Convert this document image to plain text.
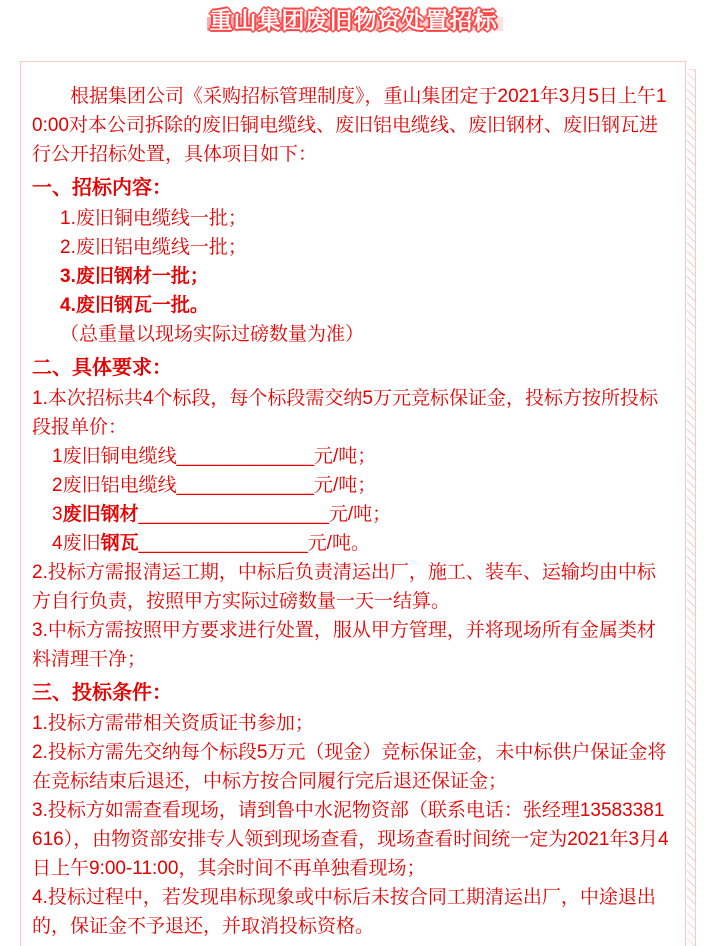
重山集团废旧物资处置招标
根据集团公司《采购招标管理制度》，重山集团定于2021年3月5日上午10:00对本公司拆除的废旧铜电缆线、废旧铝电缆线、废旧钢材、废旧钢瓦进行公开招标处置，具体项目如下：
一、招标内容：
1.废旧铜电缆线一批；
2.废旧铝电缆线一批；
3.废旧钢材一批；
4.废旧钢瓦一批。
（总重量以现场实际过磅数量为准）
二、具体要求：
1.本次招标共4个标段，每个标段需交纳5万元竞标保证金，投标方按所投标段报单价：
1废旧铜电缆线_____________元/吨；
2废旧铝电缆线_____________元/吨；
3废旧钢材__________________元/吨；
4废旧钢瓦________________元/吨。
2.投标方需报清运工期，中标后负责清运出厂，施工、装车、运输均由中标方自行负责，按照甲方实际过磅数量一天一结算。
3.中标方需按照甲方要求进行处置，服从甲方管理，并将现场所有金属类材料清理干净；
三、投标条件：
1.投标方需带相关资质证书参加；
2.投标方需先交纳每个标段5万元（现金）竞标保证金，未中标供户保证金将在竞标结束后退还，中标方按合同履行完后退还保证金；
3.投标方如需查看现场，请到鲁中水泥物资部（联系电话：张经理13583381616），由物资部安排专人领到现场查看，现场查看时间统一定为2021年3月4日上午9:00-11:00，其余时间不再单独看现场；
4.投标过程中，若发现串标现象或中标后未按合同工期清运出厂，中途退出的，保证金不予退还，并取消投标资格。
